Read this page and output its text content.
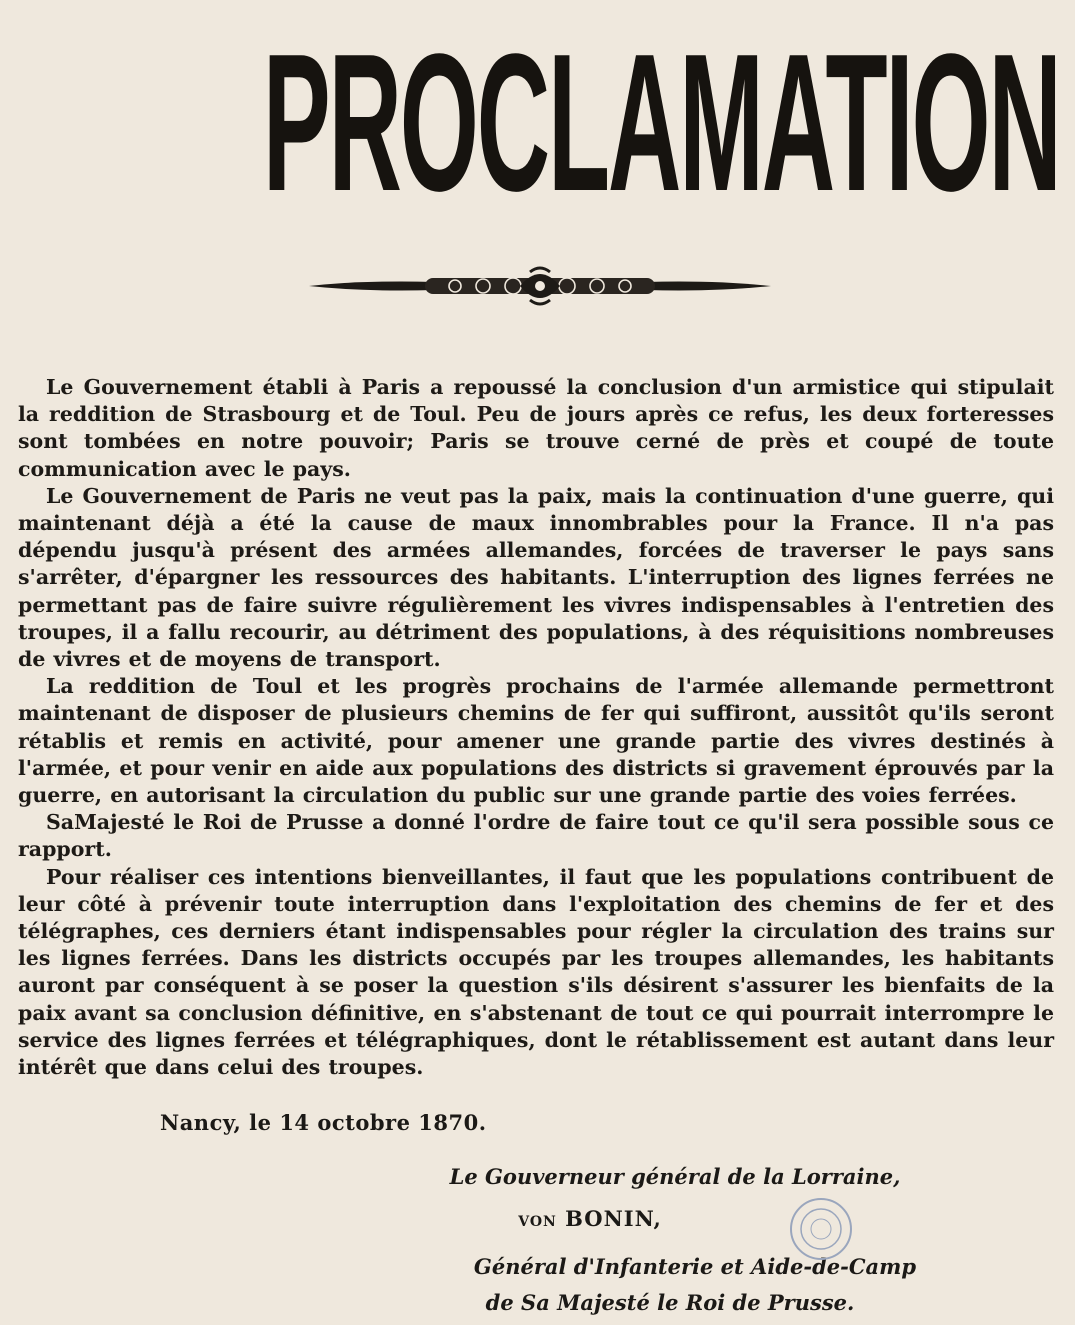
PROCLAMATION

Le Gouvernement établi à Paris a repoussé la conclusion d'un armistice qui stipulait la reddition de Strasbourg et de Toul. Peu de jours après ce refus, les deux forteresses sont tombées en notre pouvoir; Paris se trouve cerné de près et coupé de toute communication avec le pays.

Le Gouvernement de Paris ne veut pas la paix, mais la continuation d'une guerre, qui maintenant déjà a été la cause de maux innombrables pour la France. Il n'a pas dépendu jusqu'à présent des armées allemandes, forcées de traverser le pays sans s'arrêter, d'épargner les ressources des habitants. L'interruption des lignes ferrées ne permettant pas de faire suivre régulièrement les vivres indispensables à l'entretien des troupes, il a fallu recourir, au détriment des populations, à des réquisitions nombreuses de vivres et de moyens de transport.

La reddition de Toul et les progrès prochains de l'armée allemande permettront maintenant de disposer de plusieurs chemins de fer qui suffiront, aussitôt qu'ils seront rétablis et remis en activité, pour amener une grande partie des vivres destinés à l'armée, et pour venir en aide aux populations des districts si gravement éprouvés par la guerre, en autorisant la circulation du public sur une grande partie des voies ferrées.

SaMajesté le Roi de Prusse a donné l'ordre de faire tout ce qu'il sera possible sous ce rapport.

Pour réaliser ces intentions bienveillantes, il faut que les populations contribuent de leur côté à prévenir toute interruption dans l'exploitation des chemins de fer et des télégraphes, ces derniers étant indispensables pour régler la circulation des trains sur les lignes ferrées. Dans les districts occupés par les troupes allemandes, les habitants auront par conséquent à se poser la question s'ils désirent s'assurer les bienfaits de la paix avant sa conclusion définitive, en s'abstenant de tout ce qui pourrait interrompre le service des lignes ferrées et télégraphiques, dont le rétablissement est autant dans leur intérêt que dans celui des troupes.

Nancy, le 14 octobre 1870.
Le Gouverneur général de la Lorraine,
VON BONIN,
Général d'Infanterie et Aide-de-Camp
de Sa Majesté le Roi de Prusse.
